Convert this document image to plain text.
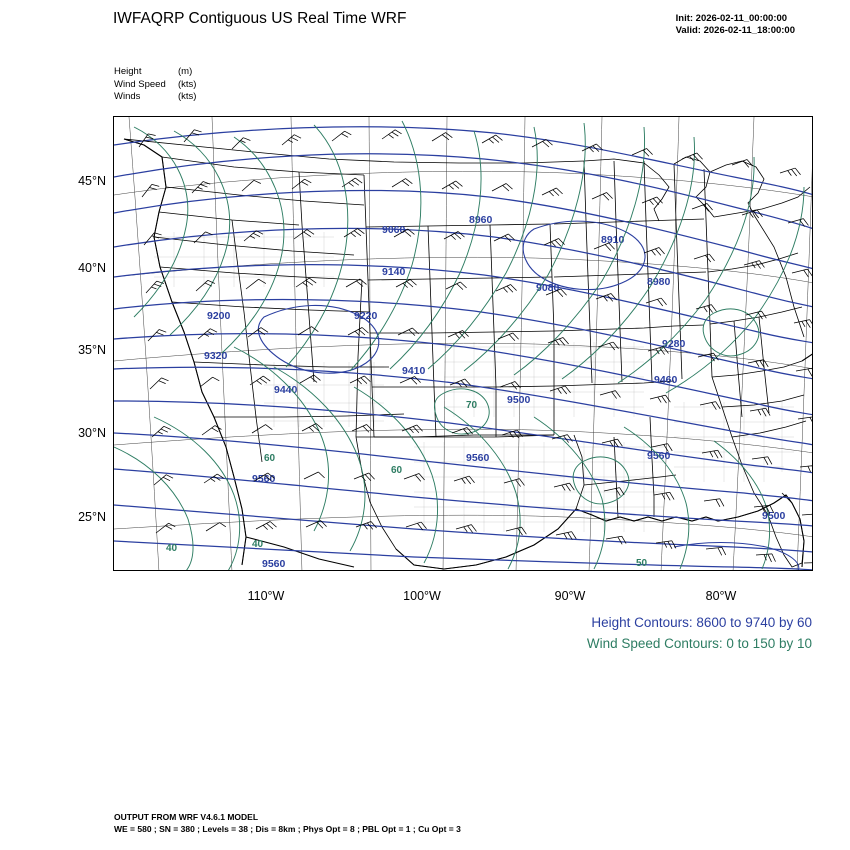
IWFAQRP Contiguous US Real Time WRF	Init: 2026-02-11_00:00:00
Valid: 2026-02-11_18:00:00
Height	(m)
Wind Speed (kts)
Winds	(kts)
45°N
40°N
35°N
30°N
25°N
110°W	100°W	90°W	80°W
9060
8960
8910
9080	8980
9140
9200	9220
9280
9320
9410
9440
9460
9500
9560
9560	9560
9500
9560
60
70
60
40
50
40
Height Contours: 8600 to 9740 by 60
Wind Speed Contours: 0 to 150 by 10
OUTPUT FROM WRF V4.6.1 MODEL
WE = 580 ; SN = 380 ; Levels = 38 ; Dis = 8km ; Phys Opt = 8 ; PBL Opt = 1 ; Cu Opt = 3
